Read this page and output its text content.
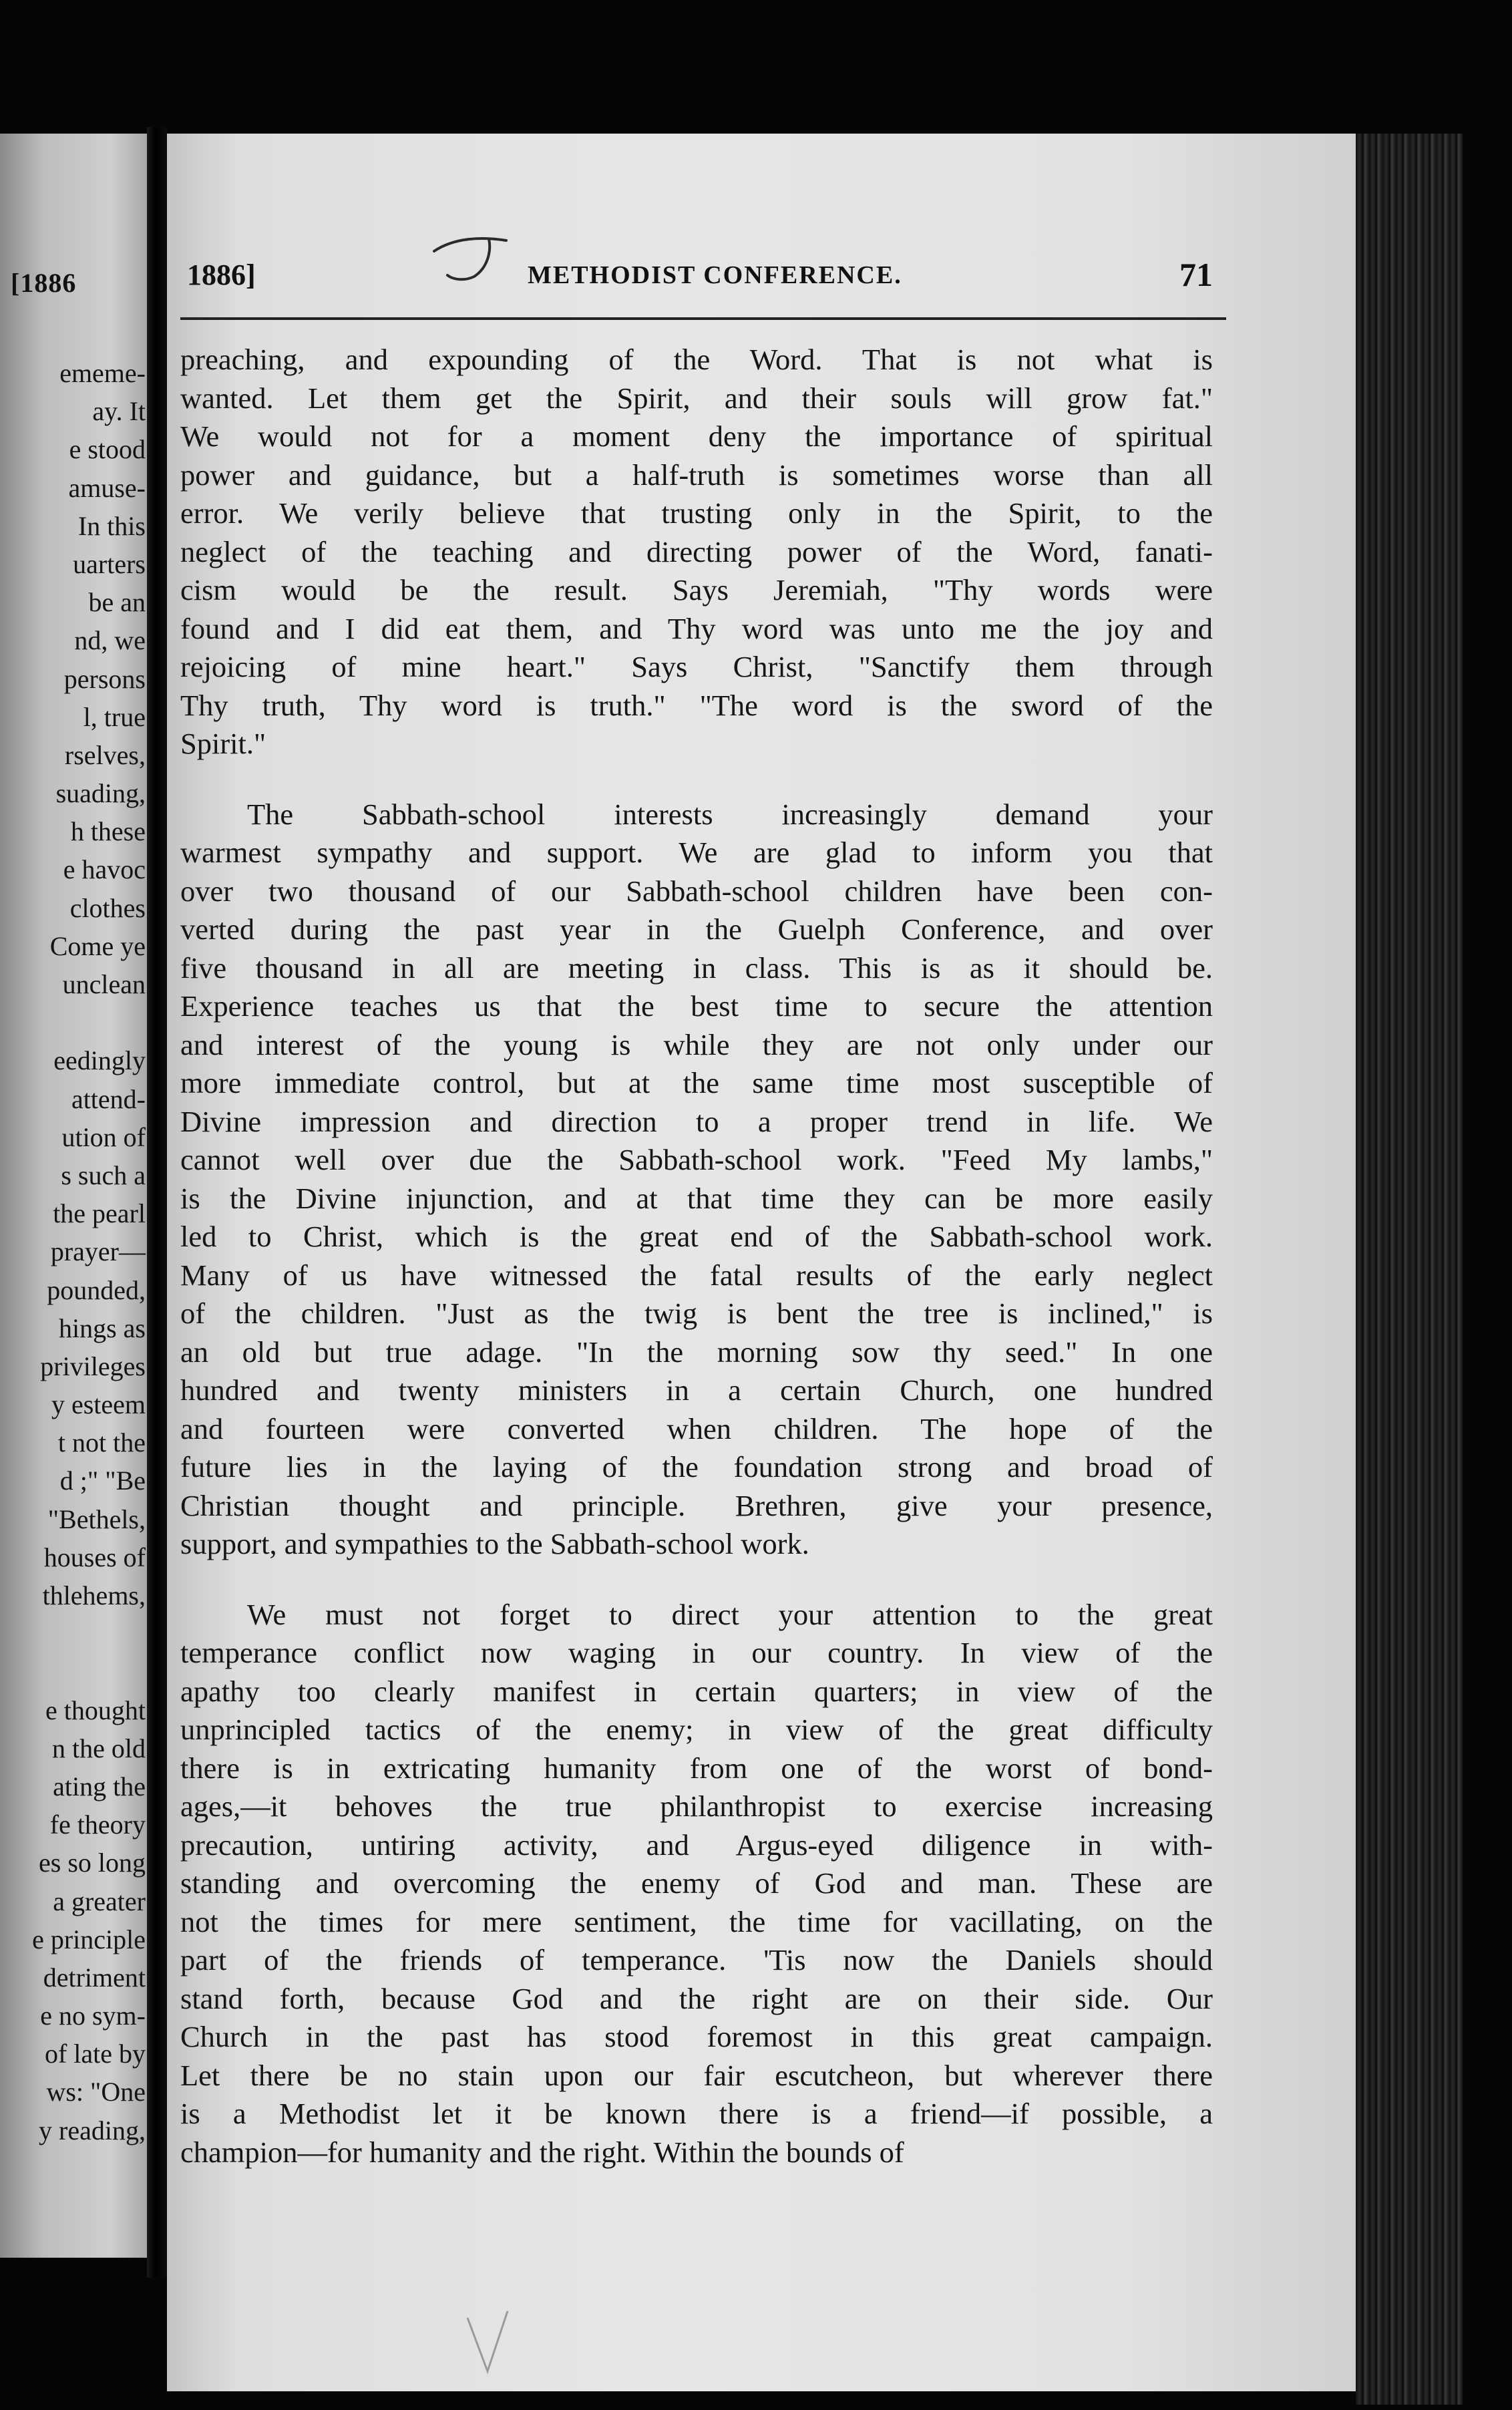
[1886
ememe-
ay. It
e stood
amuse-
In this
uarters
be an
nd, we
persons
l, true
rselves,
suading,
h these
e havoc
clothes
Come ye
unclean
eedingly
attend-
ution of
s such a
the pearl
prayer—
pounded,
hings as
privileges
y esteem
t not the
d ;" "Be
"Bethels,
houses of
thlehems,
e thought
n the old
ating the
fe theory
es so long
a greater
e principle
detriment
e no sym-
of late by
ws: "One
y reading,
1886]	METHODIST CONFERENCE.	71
preaching, and expounding of the Word. That is not what is
wanted. Let them get the Spirit, and their souls will grow fat."
We would not for a moment deny the importance of spiritual
power and guidance, but a half-truth is sometimes worse than all
error. We verily believe that trusting only in the Spirit, to the
neglect of the teaching and directing power of the Word, fanati-
cism would be the result. Says Jeremiah, "Thy words were
found and I did eat them, and Thy word was unto me the joy and
rejoicing of mine heart." Says Christ, "Sanctify them through
Thy truth, Thy word is truth." "The word is the sword of the
Spirit."
The Sabbath-school interests increasingly demand your
warmest sympathy and support. We are glad to inform you that
over two thousand of our Sabbath-school children have been con-
verted during the past year in the Guelph Conference, and over
five thousand in all are meeting in class. This is as it should be.
Experience teaches us that the best time to secure the attention
and interest of the young is while they are not only under our
more immediate control, but at the same time most susceptible of
Divine impression and direction to a proper trend in life. We
cannot well over due the Sabbath-school work. "Feed My lambs,"
is the Divine injunction, and at that time they can be more easily
led to Christ, which is the great end of the Sabbath-school work.
Many of us have witnessed the fatal results of the early neglect
of the children. "Just as the twig is bent the tree is inclined," is
an old but true adage. "In the morning sow thy seed." In one
hundred and twenty ministers in a certain Church, one hundred
and fourteen were converted when children. The hope of the
future lies in the laying of the foundation strong and broad of
Christian thought and principle. Brethren, give your presence,
support, and sympathies to the Sabbath-school work.
We must not forget to direct your attention to the great
temperance conflict now waging in our country. In view of the
apathy too clearly manifest in certain quarters; in view of the
unprincipled tactics of the enemy; in view of the great difficulty
there is in extricating humanity from one of the worst of bond-
ages,—it behoves the true philanthropist to exercise increasing
precaution, untiring activity, and Argus-eyed diligence in with-
standing and overcoming the enemy of God and man. These are
not the times for mere sentiment, the time for vacillating, on the
part of the friends of temperance. 'Tis now the Daniels should
stand forth, because God and the right are on their side. Our
Church in the past has stood foremost in this great campaign.
Let there be no stain upon our fair escutcheon, but wherever there
is a Methodist let it be known there is a friend—if possible, a
champion—for humanity and the right. Within the bounds of
